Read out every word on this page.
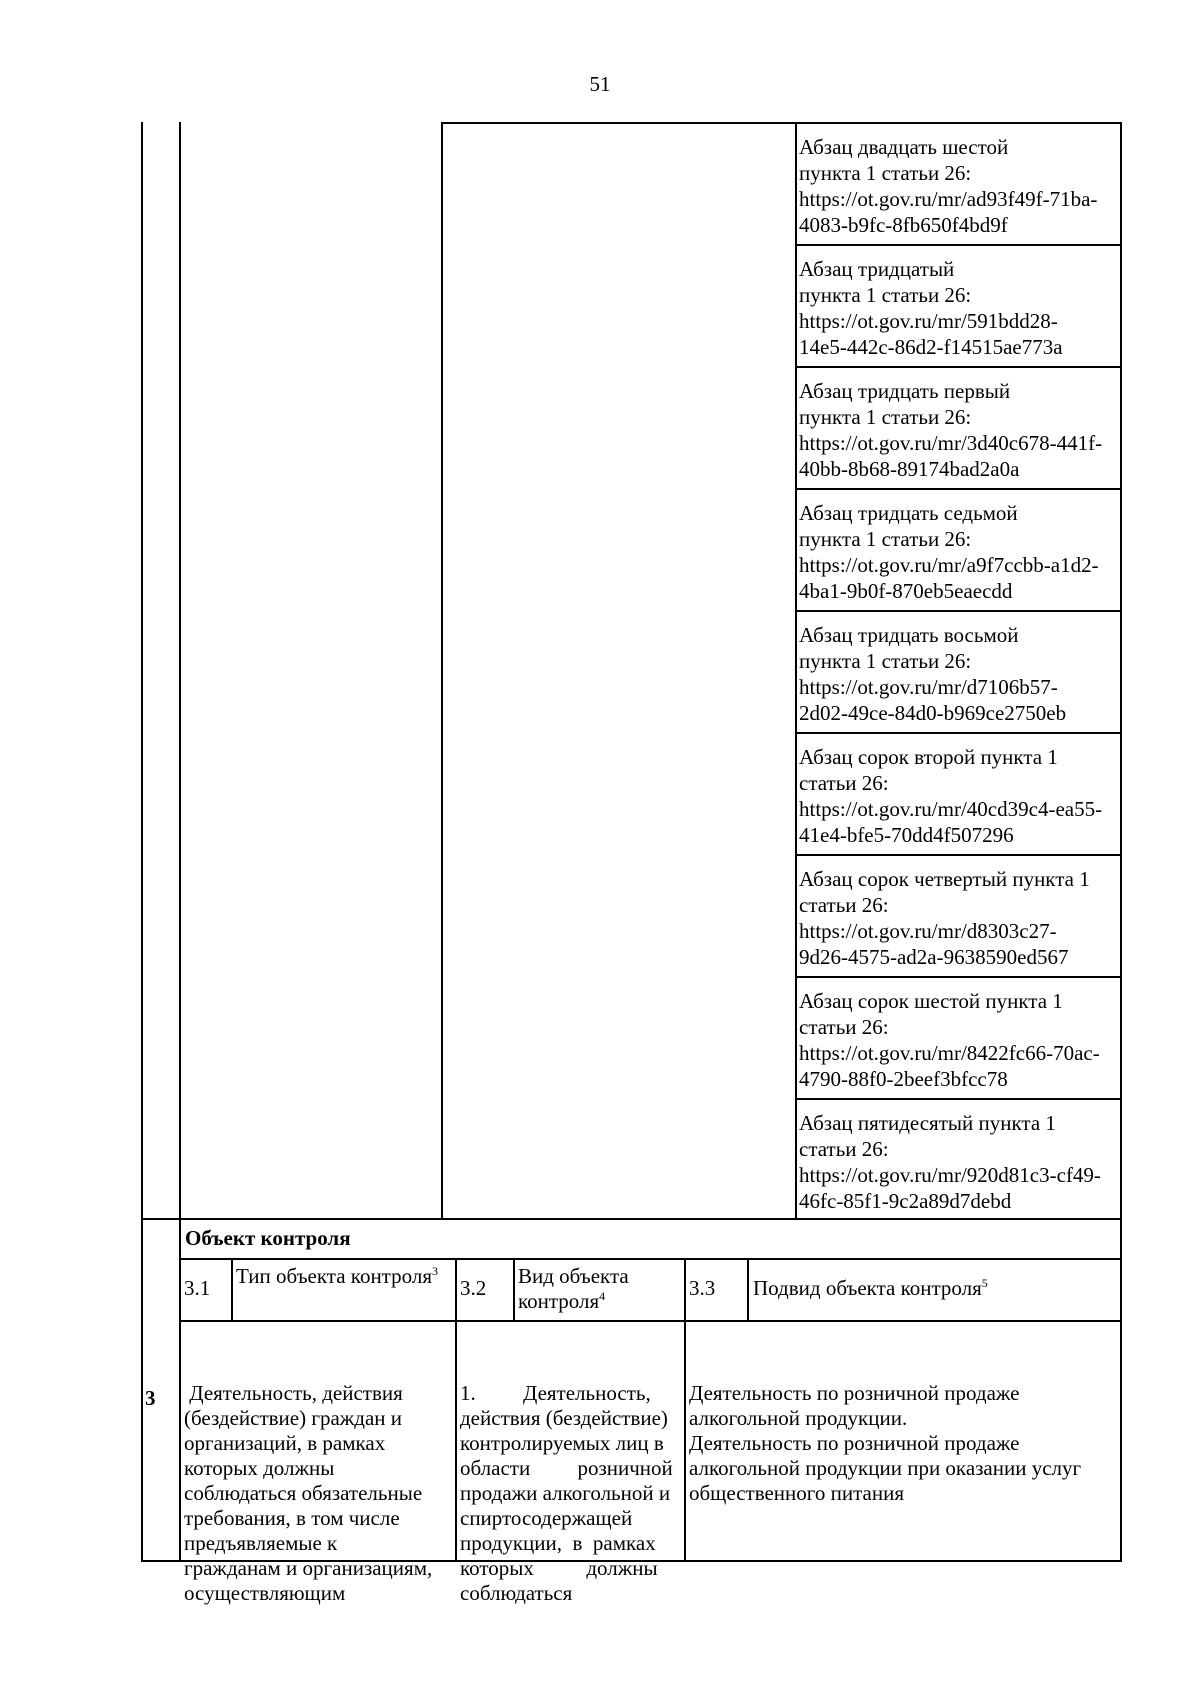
51
Абзац двадцать шестой
пункта 1 статьи 26:
https://ot.gov.ru/mr/ad93f49f-71ba-
4083-b9fc-8fb650f4bd9f
Абзац тридцатый
пункта 1 статьи 26:
https://ot.gov.ru/mr/591bdd28-
14e5-442c-86d2-f14515ae773a
Абзац тридцать первый
пункта 1 статьи 26:
https://ot.gov.ru/mr/3d40c678-441f-
40bb-8b68-89174bad2a0a
Абзац тридцать седьмой
пункта 1 статьи 26:
https://ot.gov.ru/mr/a9f7ccbb-a1d2-
4ba1-9b0f-870eb5eaecdd
Абзац тридцать восьмой
пункта 1 статьи 26:
https://ot.gov.ru/mr/d7106b57-
2d02-49ce-84d0-b969ce2750eb
Абзац сорок второй пункта 1
статьи 26:
https://ot.gov.ru/mr/40cd39c4-ea55-
41e4-bfe5-70dd4f507296
Абзац сорок четвертый пункта 1
статьи 26:
https://ot.gov.ru/mr/d8303c27-
9d26-4575-ad2a-9638590ed567
Абзац сорок шестой пункта 1
статьи 26:
https://ot.gov.ru/mr/8422fc66-70ac-
4790-88f0-2beef3bfcc78
Абзац пятидесятый пункта 1
статьи 26:
https://ot.gov.ru/mr/920d81c3-cf49-
46fc-85f1-9c2a89d7debd
3
Объект контроля
3.1 Тип объекта контроля$^3$
3.2 Вид объекта контроля$^4$	3.3 Подвид объекта контроля$^5$

Деятельность, действия
(бездействие) граждан и
организаций, в рамках
которых должны
соблюдаться обязательные
требования, в том числе
предъявляемые к
гражданам и организациям,
осуществляющим

1.         Деятельность,
действия (бездействие)
контролируемых лиц в
области         розничной
продажи алкогольной и
спиртосодержащей
продукции,  в  рамках
которых          должны
соблюдаться

Деятельность по розничной продаже
алкогольной продукции.
Деятельность по розничной продаже
алкогольной продукции при оказании услуг
общественного питания
